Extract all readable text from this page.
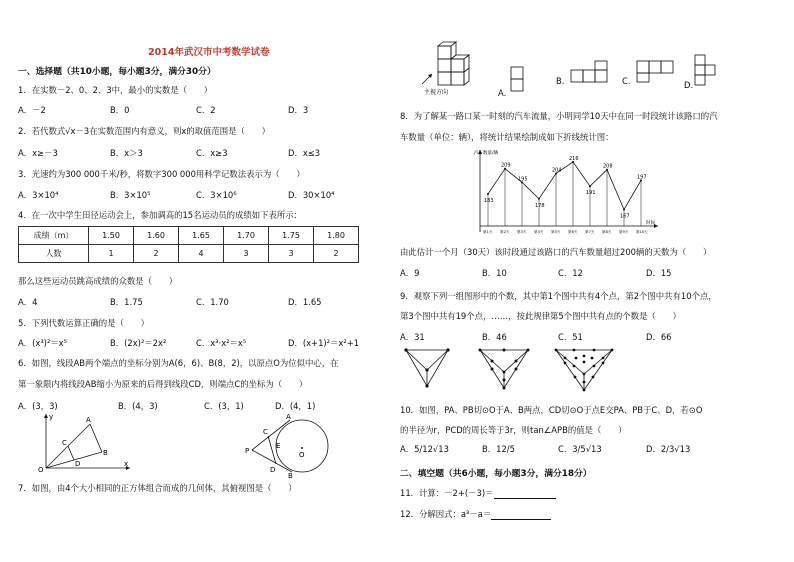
2014年武汉市中考数学试卷
一、选择题（共10小题，每小题3分，满分30分）
1．在实数－2、0、2、3中，最小的实数是（　　）
A．－2	B．0	C．2	D．3
2．若代数式√x－3在实数范围内有意义，则x的取值范围是（　　）
A．x≥－3	B．x＞3	C．x≥3	D．x≤3
3．光速约为300 000千米/秒，将数字300 000用科学记数法表示为（　　）
A．3×10⁴	B．3×10⁵	C．3×10⁶	D．30×10⁴
4．在一次中学生田径运动会上，参加调高的15名运动员的成绩如下表所示：
成绩（m）	1.50	1.60	1.65	1.70	1.75	1.80
人数	1	2	4	3	3	2
那么这些运动员跳高成绩的众数是（　　）
A．4	B．1.75	C．1.70	D．1.65
5．下列代数运算正确的是（　　）
A．(x³)²＝x⁵	B．(2x)²＝2x²	C．x³·x²＝x⁵	D．(x+1)²＝x²+1
6．如图，线段AB两个端点的坐标分别为A(6，6)、B(8，2)，以原点O为位似中心，在
第一象限内将线段AB缩小为原来的后得到线段CD，则端点C的坐标为（　　）
A．(3，3)	B．(4，3)	C．(3，1)	D．(4，1)
A
B
C
D
O
x
y
P
A
B
C
D
E
O
7．如图，由4个大小相同的正方体组合而成的几何体，其俯视图是（　　）
主视方向	A.
B.	C.	D.
8．为了解某一路口某一时刻的汽车流量，小明同学10天中在同一时段统计该路口的汽
车数量（单位：辆），将统计结果绘制成如下折线统计图：
汽车数量/辆
时间
183
第1天
209
第2天
195
第3天
178
第4天
204
第5天
216
第6天
191
第7天
208
第8天
167
第9天
197
第10天
由此估计一个月（30天）该时段通过该路口的汽车数量超过200辆的天数为（　　）
A．9	B．10	C．12	D．15
9．观察下列一组图形中的个数，其中第1个图中共有4个点，第2个图中共有10个点，
第3个图中共有19个点，……，按此规律第5个图中共有点的个数是（　　）
A．31	B．46	C．51	D．66
10．如图，PA、PB切⊙O于A、B两点，CD切⊙O于点E交PA、PB于C、D，若⊙O
的半径为r，PCD的周长等于3r，则tan∠APB的值是（　　）
A．5/12√13	B．12/5	C．3/5√13	D．2/3√13
二、填空题（共6小题，每小题3分，满分18分）
11．计算：－2+(－3)＝
12．分解因式：a³－a＝
